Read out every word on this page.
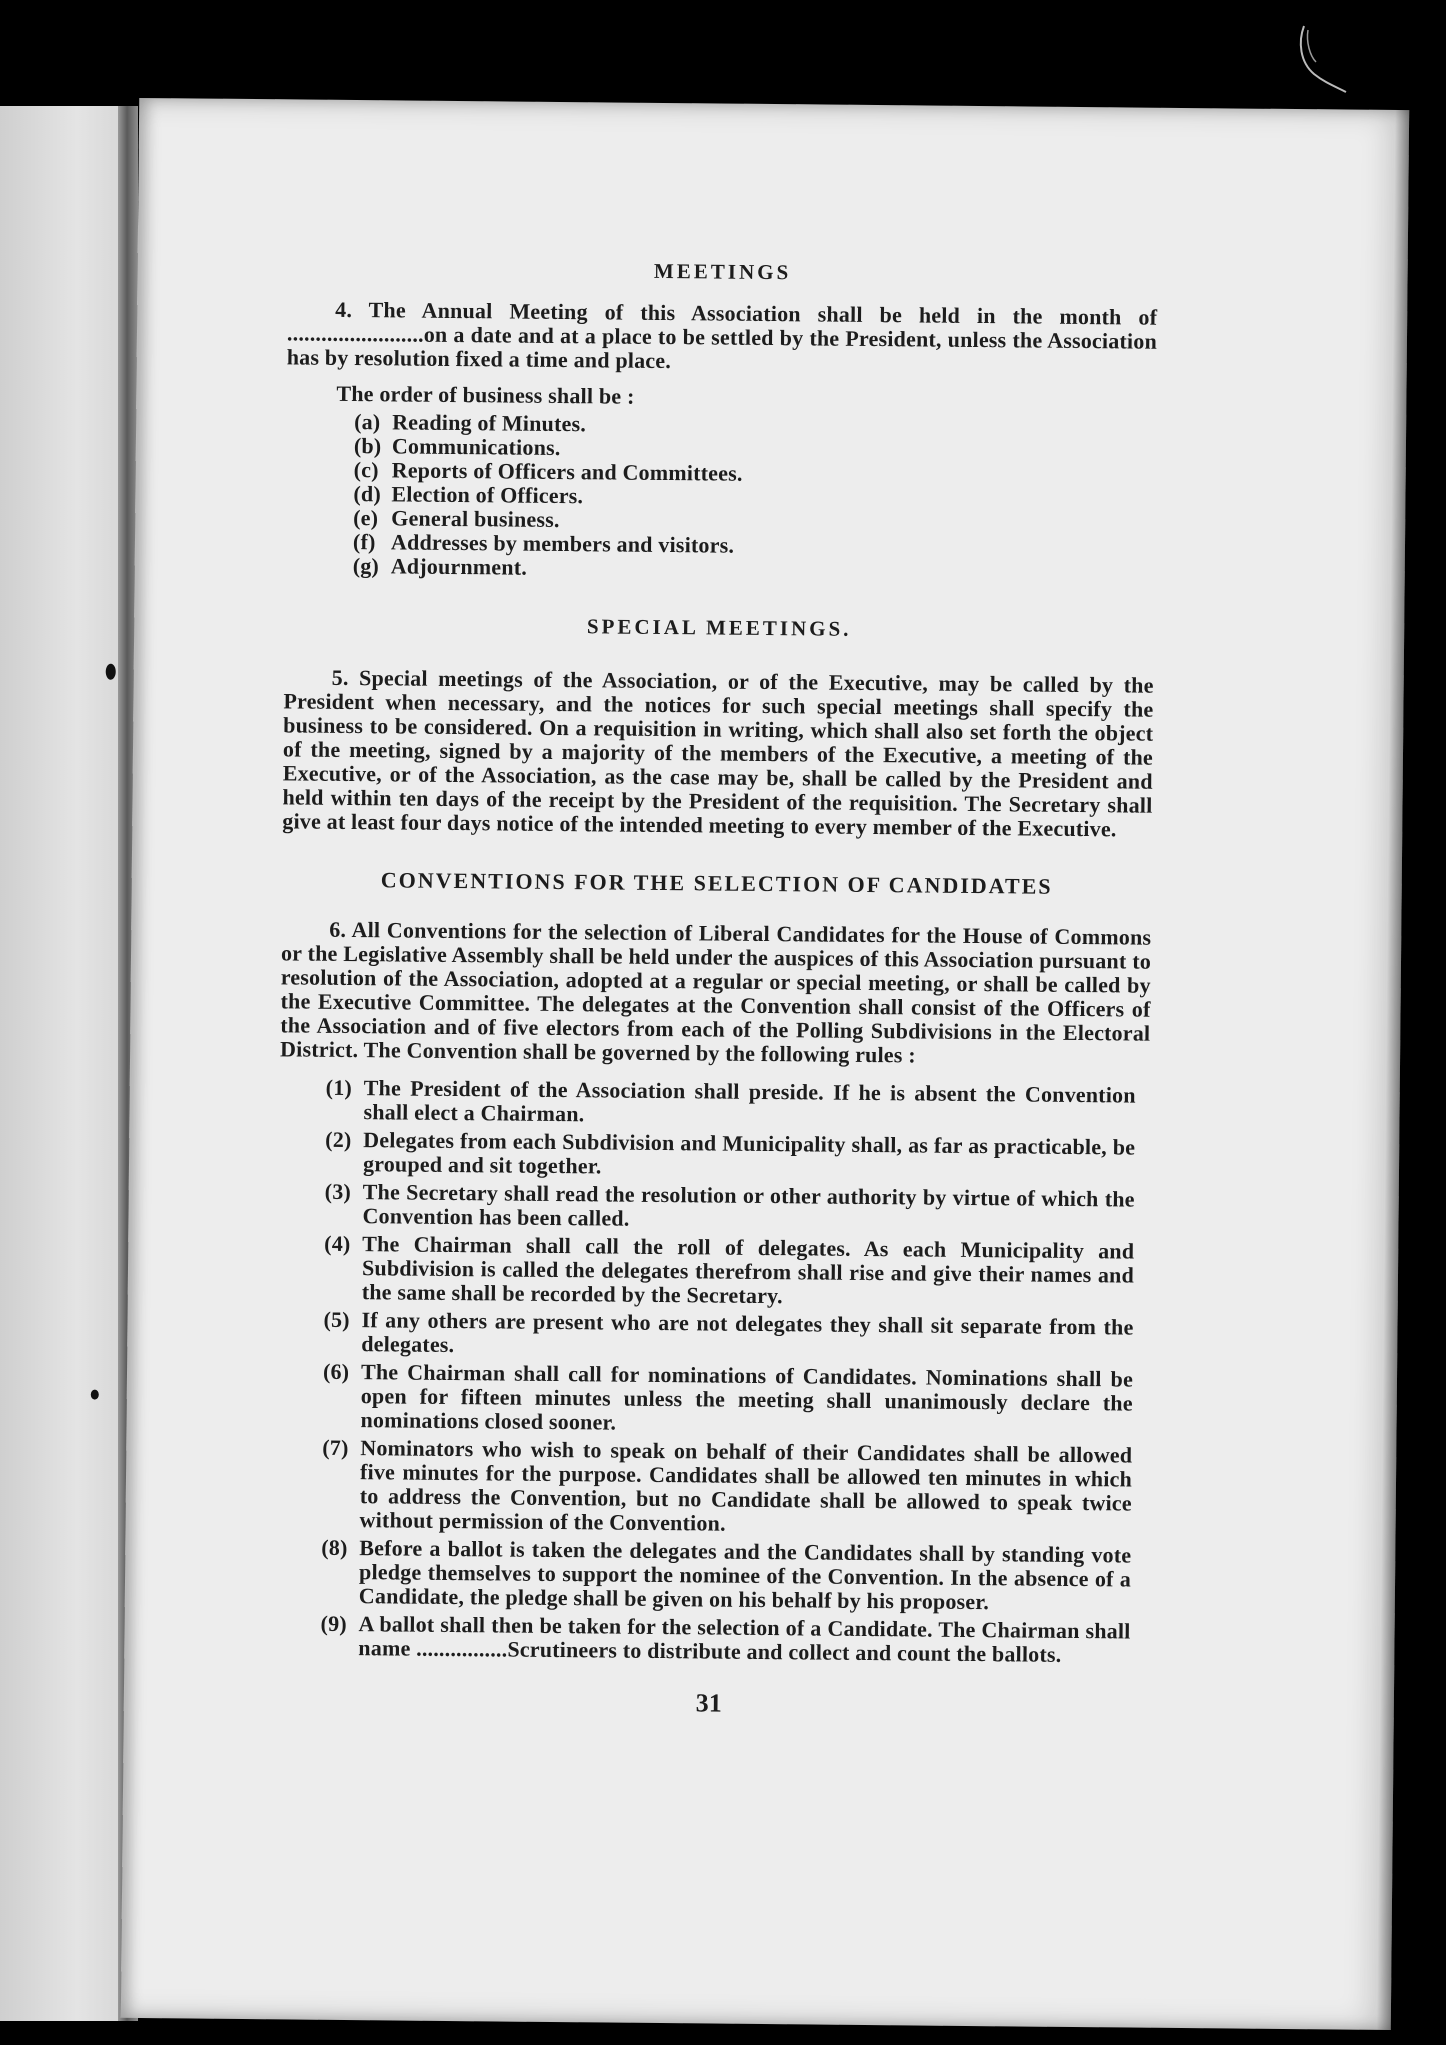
MEETINGS

4. The Annual Meeting of this Association shall be held in the month of ........................on a date and at a place to be settled by the President, unless the Association has by resolution fixed a time and place.

The order of business shall be :

(a) Reading of Minutes.
(b) Communications.
(c) Reports of Officers and Committees.
(d) Election of Officers.
(e) General business.
(f) Addresses by members and visitors.
(g) Adjournment.
SPECIAL MEETINGS.

5. Special meetings of the Association, or of the Executive, may be called by the President when necessary, and the notices for such special meetings shall specify the business to be considered. On a requisition in writing, which shall also set forth the object of the meeting, signed by a majority of the members of the Executive, a meeting of the Executive, or of the Association, as the case may be, shall be called by the President and held within ten days of the receipt by the President of the requisition. The Secretary shall give at least four days notice of the intended meeting to every member of the Executive.

CONVENTIONS FOR THE SELECTION OF CANDIDATES

6. All Conventions for the selection of Liberal Candidates for the House of Commons or the Legislative Assembly shall be held under the auspices of this Association pursuant to resolution of the Association, adopted at a regular or special meeting, or shall be called by the Executive Committee. The delegates at the Convention shall consist of the Officers of the Association and of five electors from each of the Polling Subdivisions in the Electoral District. The Convention shall be governed by the following rules :

(1) The President of the Association shall preside. If he is absent the Convention shall elect a Chairman.
(2) Delegates from each Subdivision and Municipality shall, as far as practicable, be grouped and sit together.
(3) The Secretary shall read the resolution or other authority by virtue of which the Convention has been called.
(4) The Chairman shall call the roll of delegates. As each Municipality and Subdivision is called the delegates therefrom shall rise and give their names and the same shall be recorded by the Secretary.
(5) If any others are present who are not delegates they shall sit separate from the delegates.
(6) The Chairman shall call for nominations of Candidates. Nominations shall be open for fifteen minutes unless the meeting shall unanimously declare the nominations closed sooner.
(7) Nominators who wish to speak on behalf of their Candidates shall be allowed five minutes for the purpose. Candidates shall be allowed ten minutes in which to address the Convention, but no Candidate shall be allowed to speak twice without permission of the Convention.
(8) Before a ballot is taken the delegates and the Candidates shall by standing vote pledge themselves to support the nominee of the Convention. In the absence of a Candidate, the pledge shall be given on his behalf by his proposer.
(9) A ballot shall then be taken for the selection of a Candidate. The Chairman shall name ................Scrutineers to distribute and collect and count the ballots.
31
